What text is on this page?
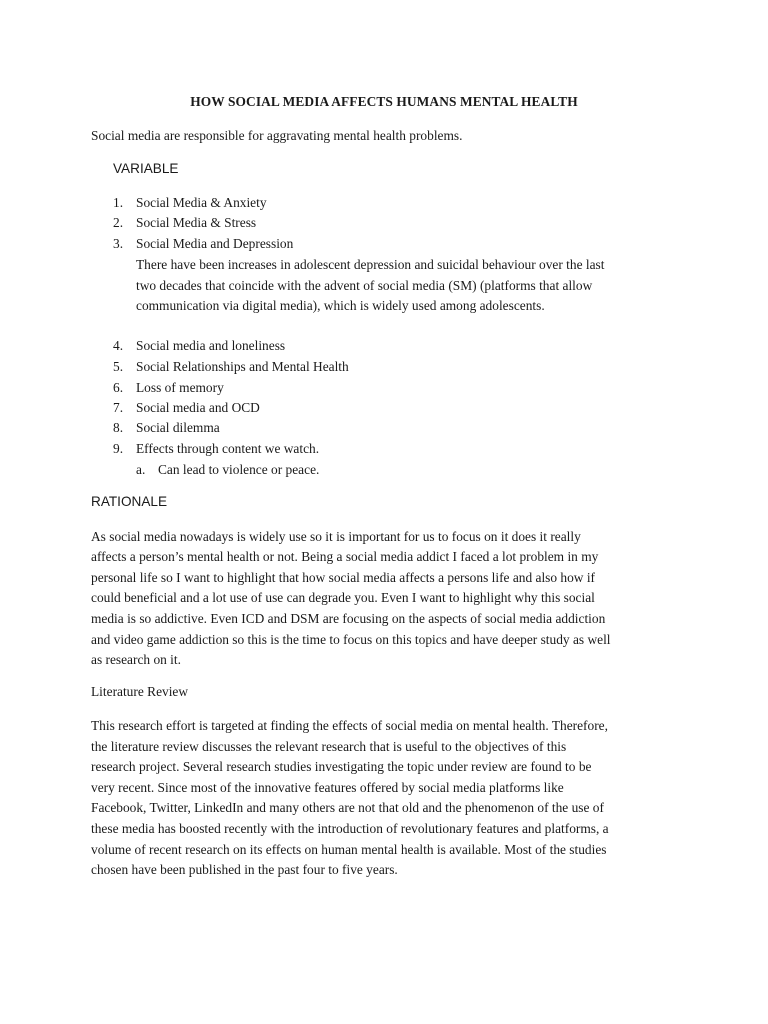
HOW SOCIAL MEDIA AFFECTS HUMANS MENTAL HEALTH
Social media are responsible for aggravating mental health problems.
VARIABLE
1. Social Media & Anxiety
2. Social Media & Stress
3. Social Media and Depression
There have been increases in adolescent depression and suicidal behaviour over the last
two decades that coincide with the advent of social media (SM) (platforms that allow
communication via digital media), which is widely used among adolescents.
4. Social media and loneliness
5. Social Relationships and Mental Health
6. Loss of memory
7. Social media and OCD
8. Social dilemma
9. Effects through content we watch.
a. Can lead to violence or peace.
RATIONALE
As social media nowadays is widely use so it is important for us to focus on it does it really
affects a person’s mental health or not. Being a social media addict I faced a lot problem in my
personal life so I want to highlight that how social media affects a persons life and also how if
could beneficial and a lot use of use can degrade you. Even I want to highlight why this social
media is so addictive. Even ICD and DSM are focusing on the aspects of social media addiction
and video game addiction so this is the time to focus on this topics and have deeper study as well
as research on it.
Literature Review
This research effort is targeted at finding the effects of social media on mental health. Therefore,
the literature review discusses the relevant research that is useful to the objectives of this
research project. Several research studies investigating the topic under review are found to be
very recent. Since most of the innovative features offered by social media platforms like
Facebook, Twitter, LinkedIn and many others are not that old and the phenomenon of the use of
these media has boosted recently with the introduction of revolutionary features and platforms, a
volume of recent research on its effects on human mental health is available. Most of the studies
chosen have been published in the past four to five years.
